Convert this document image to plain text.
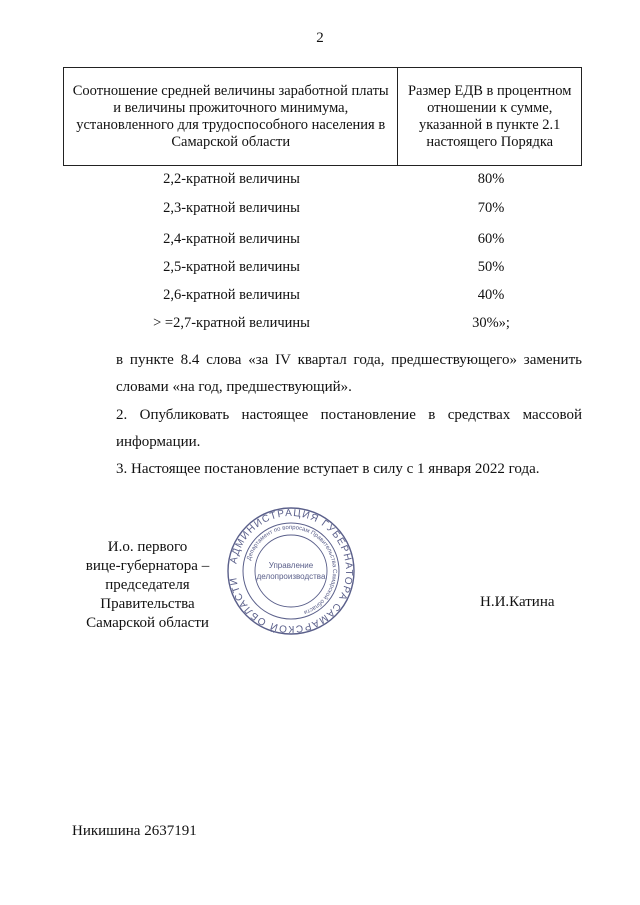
2
Соотношение средней величины заработной платы и величины прожиточного минимума, установленного для трудоспособного населения в Самарской области	Размер ЕДВ в процентном отношении к сумме, указанной в пункте 2.1 настоящего Порядка
2,2-кратной величины	80%
2,3-кратной величины	70%
2,4-кратной величины	60%
2,5-кратной величины	50%
2,6-кратной величины	40%
> =2,7-кратной величины	30%»;
в пункте 8.4 слова «за IV квартал года, предшествующего» заменить
словами «на год, предшествующий».
2. Опубликовать настоящее постановление в средствах массовой
информации.
3. Настоящее постановление вступает в силу с 1 января 2022 года.
И.о. первого
вице-губернатора –
председателя Правительства
Самарской области
АДМИНИСТРАЦИЯ ГУБЕРНАТОРА САМАРСКОЙ ОБЛАСТИ
Департамент по вопросам Правительства Самарской области
Управление
делопроизводства
Н.И.Катина
Никишина 2637191
